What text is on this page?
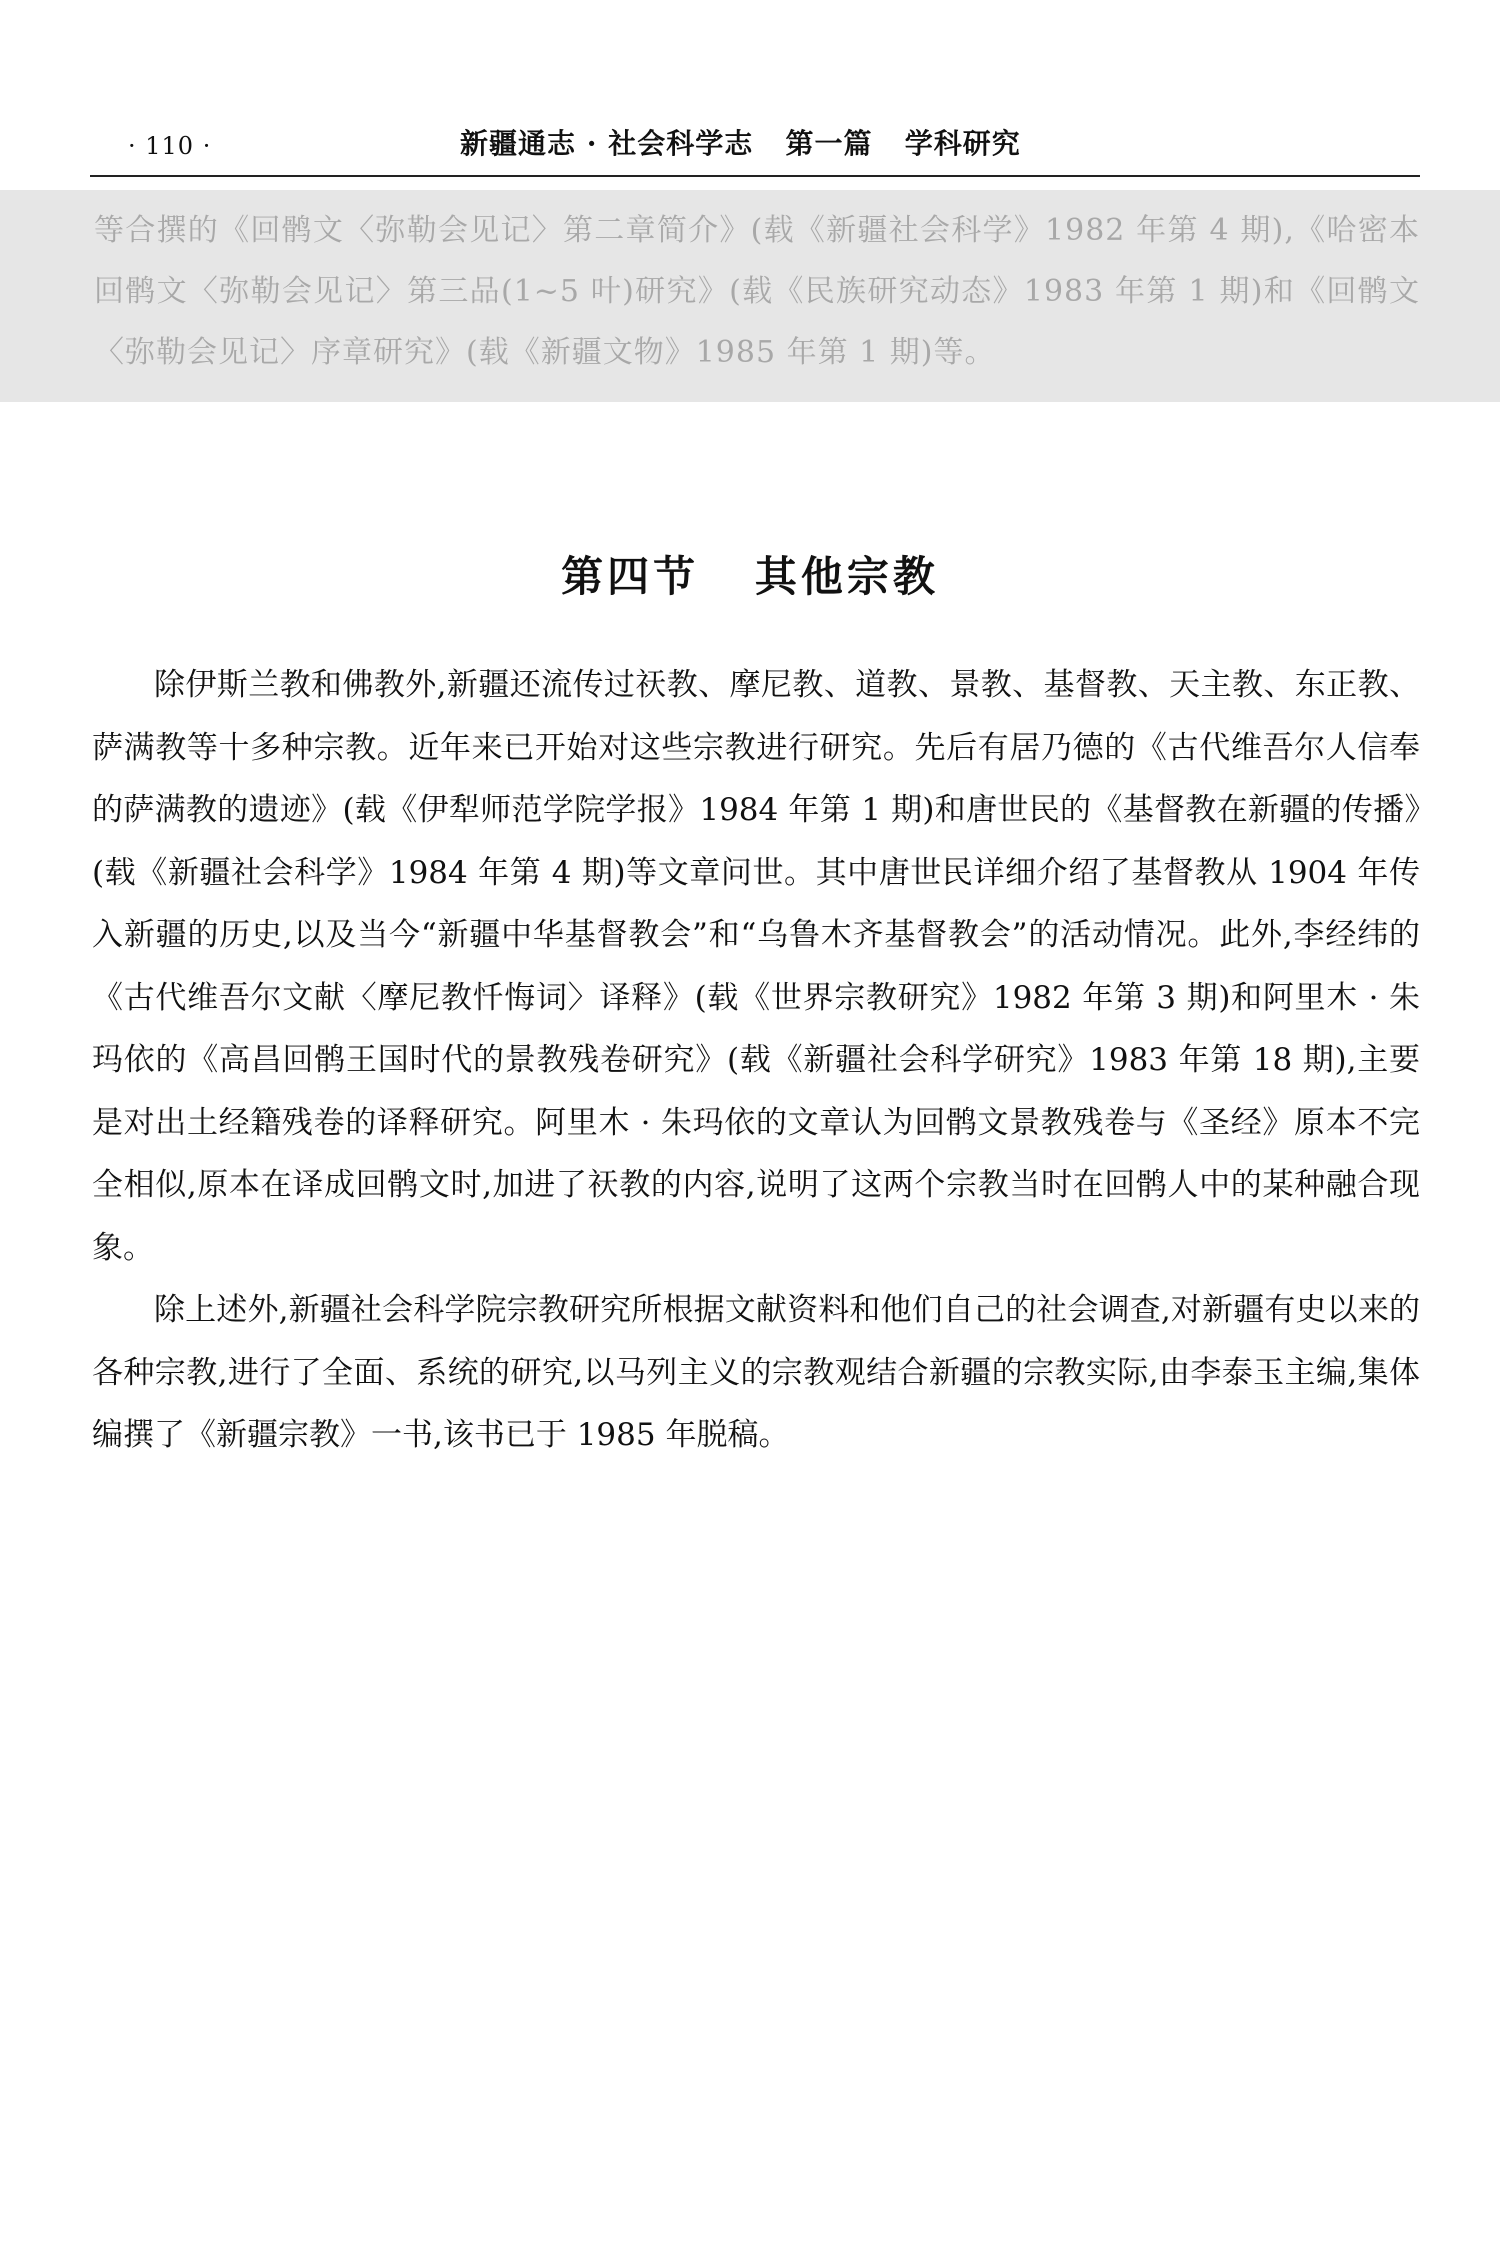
· 110 ·	新疆通志 · 社会科学志   第一篇   学科研究
等合撰的《回鹘文〈弥勒会见记〉第二章简介》(载《新疆社会科学》1982 年第 4 期),《哈密本回鹘文〈弥勒会见记〉第三品(1~5 叶)研究》(载《民族研究动态》1983 年第 1 期)和《回鹘文〈弥勒会见记〉序章研究》(载《新疆文物》1985 年第 1 期)等。
第四节   其他宗教

除伊斯兰教和佛教外,新疆还流传过祆教、摩尼教、道教、景教、基督教、天主教、东正教、萨满教等十多种宗教。近年来已开始对这些宗教进行研究。先后有居乃德的《古代维吾尔人信奉的萨满教的遗迹》(载《伊犁师范学院学报》1984 年第 1 期)和唐世民的《基督教在新疆的传播》(载《新疆社会科学》1984 年第 4 期)等文章问世。其中唐世民详细介绍了基督教从 1904 年传入新疆的历史,以及当今“新疆中华基督教会”和“乌鲁木齐基督教会”的活动情况。此外,李经纬的《古代维吾尔文献〈摩尼教忏悔词〉译释》(载《世界宗教研究》1982 年第 3 期)和阿里木 · 朱玛依的《高昌回鹘王国时代的景教残卷研究》(载《新疆社会科学研究》1983 年第 18 期),主要是对出土经籍残卷的译释研究。阿里木 · 朱玛依的文章认为回鹘文景教残卷与《圣经》原本不完全相似,原本在译成回鹘文时,加进了祆教的内容,说明了这两个宗教当时在回鹘人中的某种融合现象。

除上述外,新疆社会科学院宗教研究所根据文献资料和他们自己的社会调查,对新疆有史以来的各种宗教,进行了全面、系统的研究,以马列主义的宗教观结合新疆的宗教实际,由李泰玉主编,集体编撰了《新疆宗教》一书,该书已于 1985 年脱稿。
